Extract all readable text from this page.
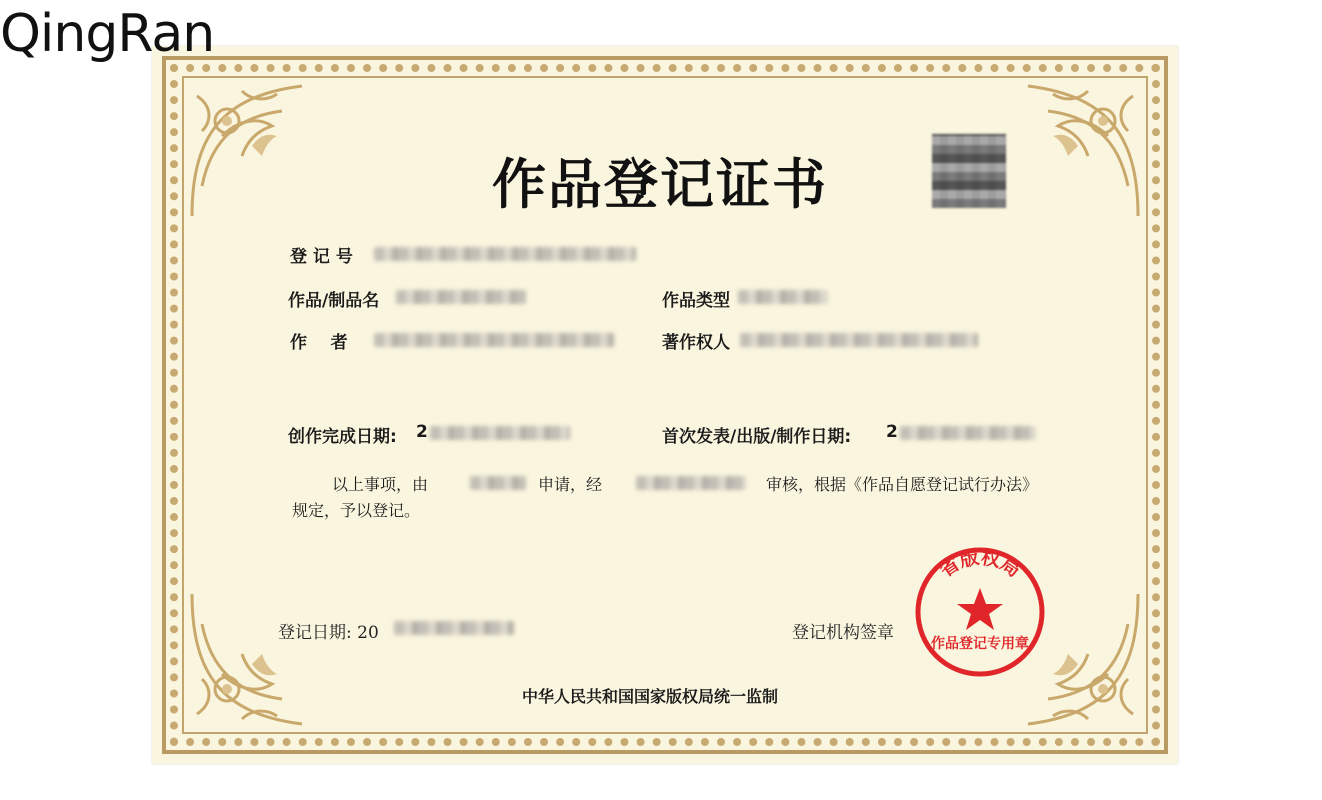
QingRan
作品登记证书
登 记 号
作品/制品名	作品类型
作    者	著作权人
创作完成日期: 2	首次发表/出版/制作日期: 2
以上事项，由	申请，经	审核，根据《作品自愿登记试行办法》
规定，予以登记。
登记日期: 20	登记机构签章
省版权局
作品登记专用章
中华人民共和国国家版权局统一监制
